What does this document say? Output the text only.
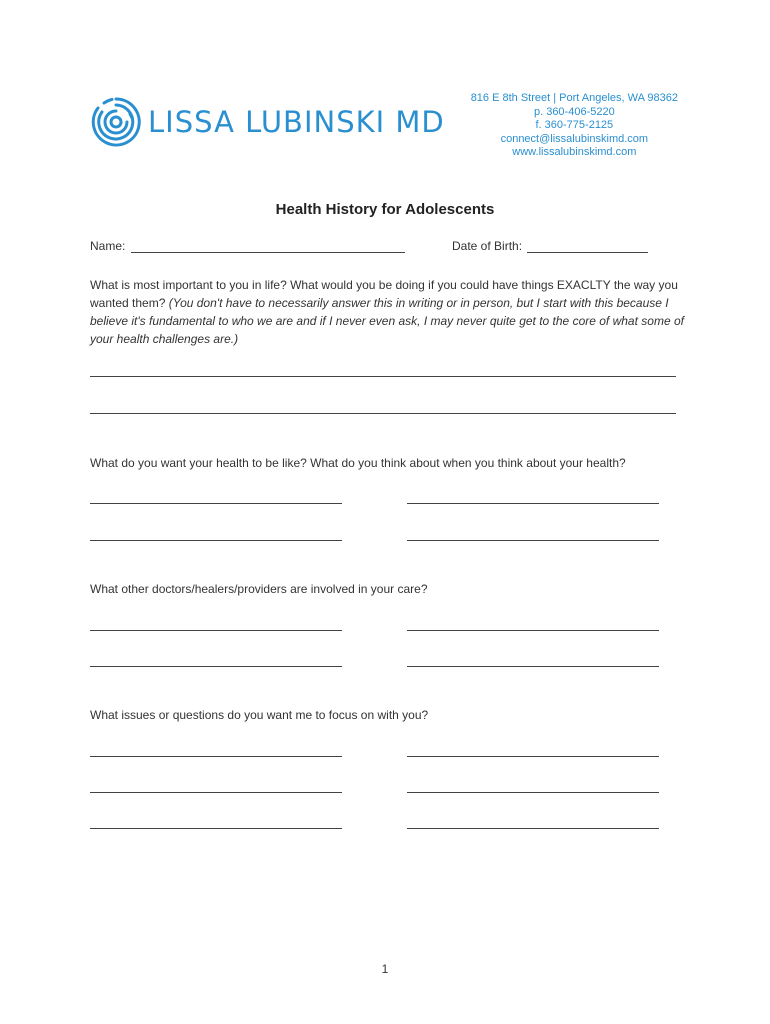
LISSA LUBINSKI MD
816 E 8th Street | Port Angeles, WA 98362
p. 360-406-5220
f. 360-775-2125
connect@lissalubinskimd.com
www.lissalubinskimd.com
Health History for Adolescents
Name:	Date of Birth:
What is most important to you in life? What would you be doing if you could have things EXACLTY the way you wanted them? (You don't have to necessarily answer this in writing or in person, but I start with this because I believe it's fundamental to who we are and if I never even ask, I may never quite get to the core of what some of your health challenges are.)
What do you want your health to be like? What do you think about when you think about your health?
What other doctors/healers/providers are involved in your care?
What issues or questions do you want me to focus on with you?
1
